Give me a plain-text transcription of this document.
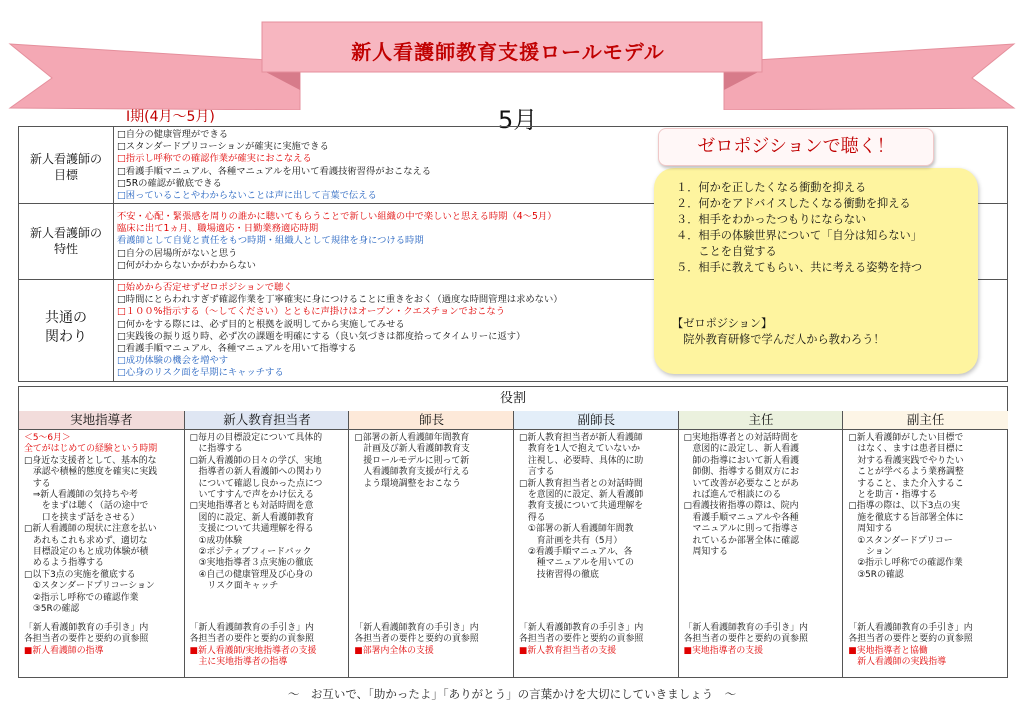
新人看護師教育支援ロールモデル
Ⅰ期(4月～5月)	5月
新人看護師の
目標
□自分の健康管理ができる
□スタンダードプリコーションが確実に実施できる
□指示し呼称での確認作業が確実におこなえる
□看護手順マニュアル、各種マニュアルを用いて看護技術習得がおこなえる
□5Rの確認が徹底できる
□困っていることやわからないことは声に出して言葉で伝える
新人看護師の
特性
不安・心配・緊張感を周りの誰かに聴いてもらうことで新しい組織の中で楽しいと思える時期（4～5月）
臨床に出て1ヵ月、職場適応・日勤業務適応時期
看護師として自覚と責任をもつ時期・組織人として規律を身につける時期
□自分の居場所がないと思う
□何がわからないかがわからない
共通の
関わり
□始めから否定せずゼロポジションで聴く
□時間にとらわれすぎず確認作業を丁寧確実に身につけることに重きをおく（過度な時間管理は求めない）
□１００%指示する（～してください）とともに声掛けはオープン・クエスチョンでおこなう
□何かをする際には、必ず目的と根拠を説明してから実施してみせる
□実践後の振り返り時、必ず次の課題を明確にする（良い気づきは都度拾ってタイムリーに返す）
□看護手順マニュアル、各種マニュアルを用いて指導する
□成功体験の機会を増やす
□心身のリスク面を早期にキャッチする
ゼロポジションで聴く！
１．何かを正したくなる衝動を抑える
２．何かをアドバイスしたくなる衝動を抑える
３．相手をわかったつもりにならない
４．相手の体験世界について「自分は知らない」
　　ことを自覚する
５．相手に教えてもらい、共に考える姿勢を持つ
【ゼロポジション】
　院外教育研修で学んだ人から教わろう！
役割
実地指導者
＜5～6月＞
全てがはじめての経験という時期
□身近な支援者として、基本的な
　承認や積極的態度を確実に実践
　する
　⇒新人看護師の気持ちや考
　　をまずは聴く（話の途中で
　　口を挟まず話をさせる）
□新人看護師の現状に注意を払い
　あれもこれも求めず、適切な
　目標設定のもと成功体験が積
　めるよう指導する
□以下3点の実施を徹底する
　①スタンダードプリコーション
　②指示し呼称での確認作業
　③5Rの確認
「新人看護師教育の手引き」内
各担当者の要件と要約の貢参照
■新人看護師の指導
新人教育担当者
□毎月の目標設定について具体的
　に指導する
□新人看護師の日々の学び、実地
　指導者の新人看護師への関わり
　について確認し良かった点につ
　いてすすんで声をかけ伝える
□実地指導者とも対話時間を意
　図的に設定、新人看護師教育
　支援について共通理解を得る
　①成功体験
　②ポジティブフィードバック
　③実地指導者３点実施の徹底
　④自己の健康管理及び心身の
　　リスク面キャッチ
「新人看護師教育の手引き」内
各担当者の要件と要約の貢参照
■新人看護師/実地指導者の支援
　主に実地指導者の指導
師長
□部署の新人看護師年間教育
　計画及び新人看護師教育支
　援ロールモデルに則って新
　人看護師教育支援が行える
　よう環境調整をおこなう
「新人看護師教育の手引き」内
各担当者の要件と要約の貢参照
■部署内全体の支援
副師長
□新人教育担当者が新人看護師
　教育を1人で抱えていないか
　注視し、必要時、具体的に助
　言する
□新人教育担当者との対話時間
　を意図的に設定、新人看護師
　教育支援について共通理解を
　得る
　①部署の新人看護師年間教
　　育計画を共有（5月）
　②看護手順マニュアル、各
　　種マニュアルを用いての
　　技術習得の徹底
「新人看護師教育の手引き」内
各担当者の要件と要約の貢参照
■新人教育担当者の支援
主任
□実地指導者との対話時間を
　意図的に設定し、新人看護
　師の指導において新人看護
　師側、指導する側双方にお
　いて改善が必要なことがあ
　れば進んで相談にのる
□看護技術指導の際は、院内
　看護手順マニュアルや各種
　マニュアルに則って指導さ
　れているか部署全体に確認
　周知する
「新人看護師教育の手引き」内
各担当者の要件と要約の貢参照
■実地指導者の支援
副主任
□新人看護師がしたい目標で
　はなく、ますは患者目標に
　対する看護実践でやりたい
　ことが学べるよう業務調整
　すること、また介入するこ
　とを助言・指導する
□指導の際は、以下3点の実
　施を徹底する旨部署全体に
　周知する
　①スタンダードプリコー
　　ション
　②指示し呼称での確認作業
　③5Rの確認
「新人看護師教育の手引き」内
各担当者の要件と要約の貢参照
■実地指導者と協働
　新人看護師の実践指導
～　お互いで、「助かったよ」「ありがとう」の言葉かけを大切にしていきましょう　～
